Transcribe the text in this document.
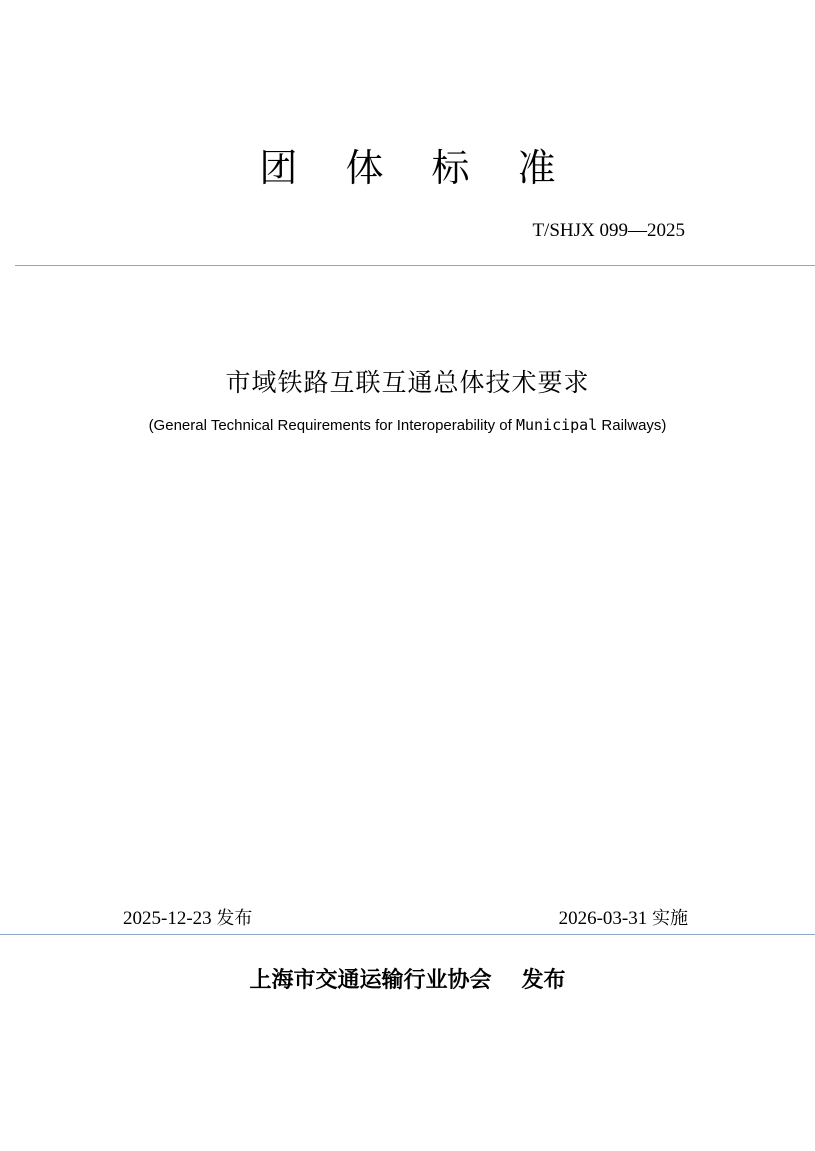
团 体 标 准
T/SHJX 099—2025
市域铁路互联互通总体技术要求
(General Technical Requirements for Interoperability of Municipal Railways)
2025-12-23 发布	2026-03-31 实施
上海市交通运输行业协会 发布
